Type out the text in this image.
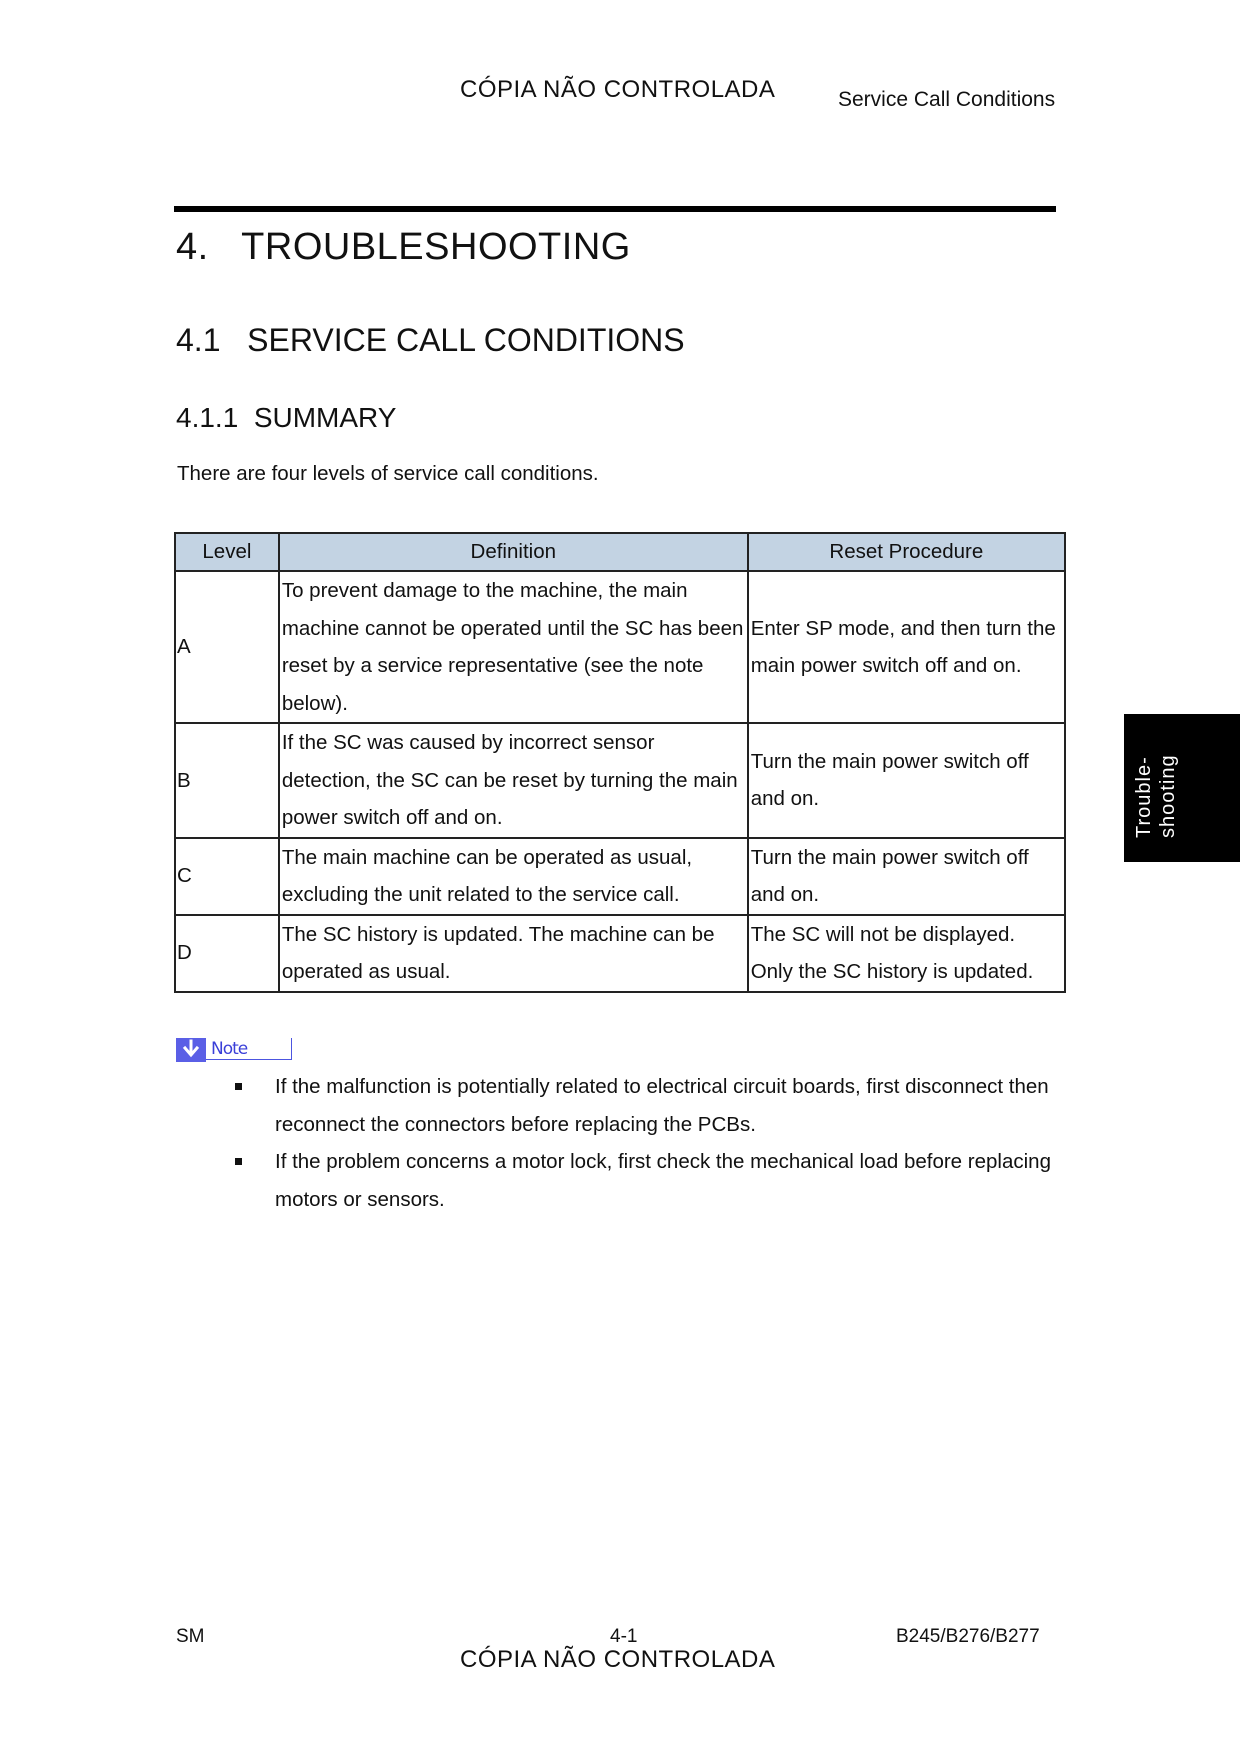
CÓPIA NÃO CONTROLADA	Service Call Conditions
4.   TROUBLESHOOTING
4.1   SERVICE CALL CONDITIONS
4.1.1  SUMMARY
There are four levels of service call conditions.
Level	Definition	Reset Procedure
A	To prevent damage to the machine, the main machine cannot be operated until the SC has been reset by a service representative (see the note below).	Enter SP mode, and then turn the main power switch off and on.
B	If the SC was caused by incorrect sensor detection, the SC can be reset by turning the main power switch off and on.	Turn the main power switch off and on.
C	The main machine can be operated as usual, excluding the unit related to the service call.	Turn the main power switch off and on.
D	The SC history is updated. The machine can be operated as usual.	The SC will not be displayed. Only the SC history is updated.
Note
If the malfunction is potentially related to electrical circuit boards, first disconnect then reconnect the connectors before replacing the PCBs.
If the problem concerns a motor lock, first check the mechanical load before replacing motors or sensors.
Trouble- shooting
SM	4-1	B245/B276/B277
CÓPIA NÃO CONTROLADA
